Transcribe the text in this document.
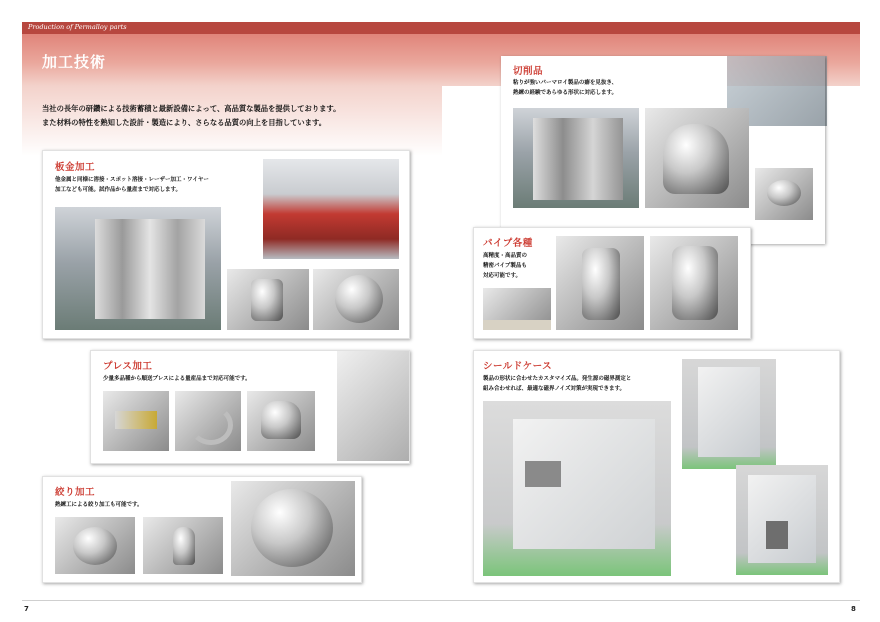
Production of Permalloy parts
加工技術
当社の長年の研鑽による技術蓄積と最新設備によって、高品質な製品を提供しております。
また材料の特性を熟知した設計・製造により、さらなる品質の向上を目指しています。
板金加工
他金属と同様に溶接・スポット溶接・レーザー加工・ワイヤー
加工なども可能。試作品から量産まで対応します。
プレス加工
少量多品種から順送プレスによる量産品まで対応可能です。
絞り加工
熟練工による絞り加工も可能です。
切削品
粘りが強いパーマロイ製品の癖を見抜き、
熟練の経験であらゆる形状に対応します。
パイプ各種
高精度・高品質の
精密パイプ製品も
対応可能です。
シールドケース
製品の形状に合わせたカスタマイズ品。発生源の磁界測定と
組み合わせれば、最適な磁界ノイズ対策が実現できます。
7	8
